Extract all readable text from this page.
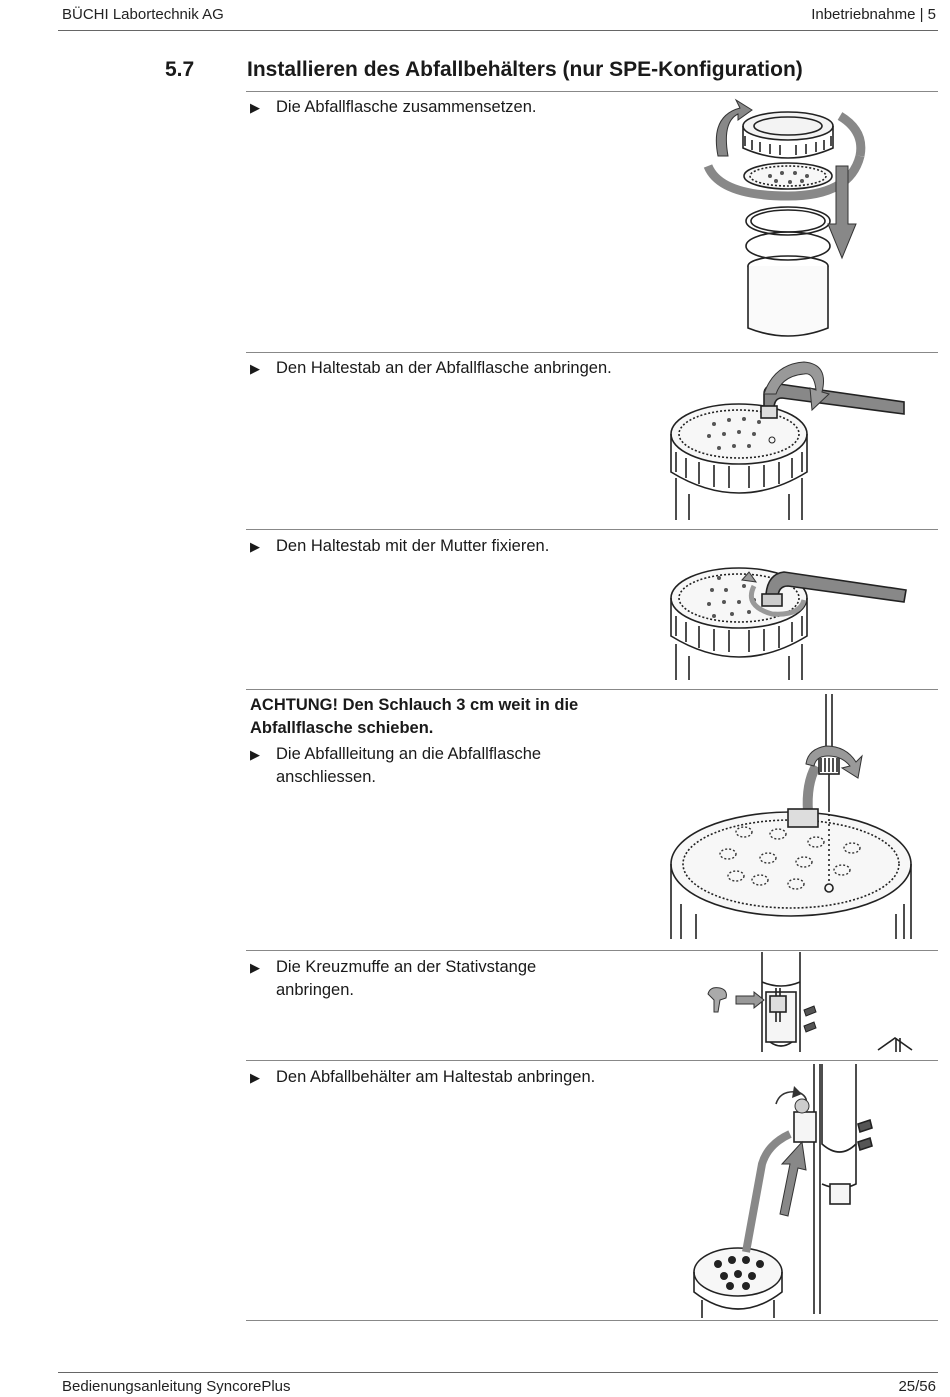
BÜCHI Labortechnik AG	Inbetriebnahme | 5
5.7	Installieren des Abfallbehälters (nur SPE-Konfiguration)
▶ Die Abfallflasche zusammensetzen.
▶ Den Haltestab an der Abfallflasche anbringen.
▶ Den Haltestab mit der Mutter fixieren.
ACHTUNG! Den Schlauch 3 cm weit in die Abfallflasche schieben.
▶ Die Abfallleitung an die Abfallflasche anschliessen.
▶ Die Kreuzmuffe an der Stativstange anbringen.
▶ Den Abfallbehälter am Haltestab anbringen.
Bedienungsanleitung SyncorePlus	25/56
